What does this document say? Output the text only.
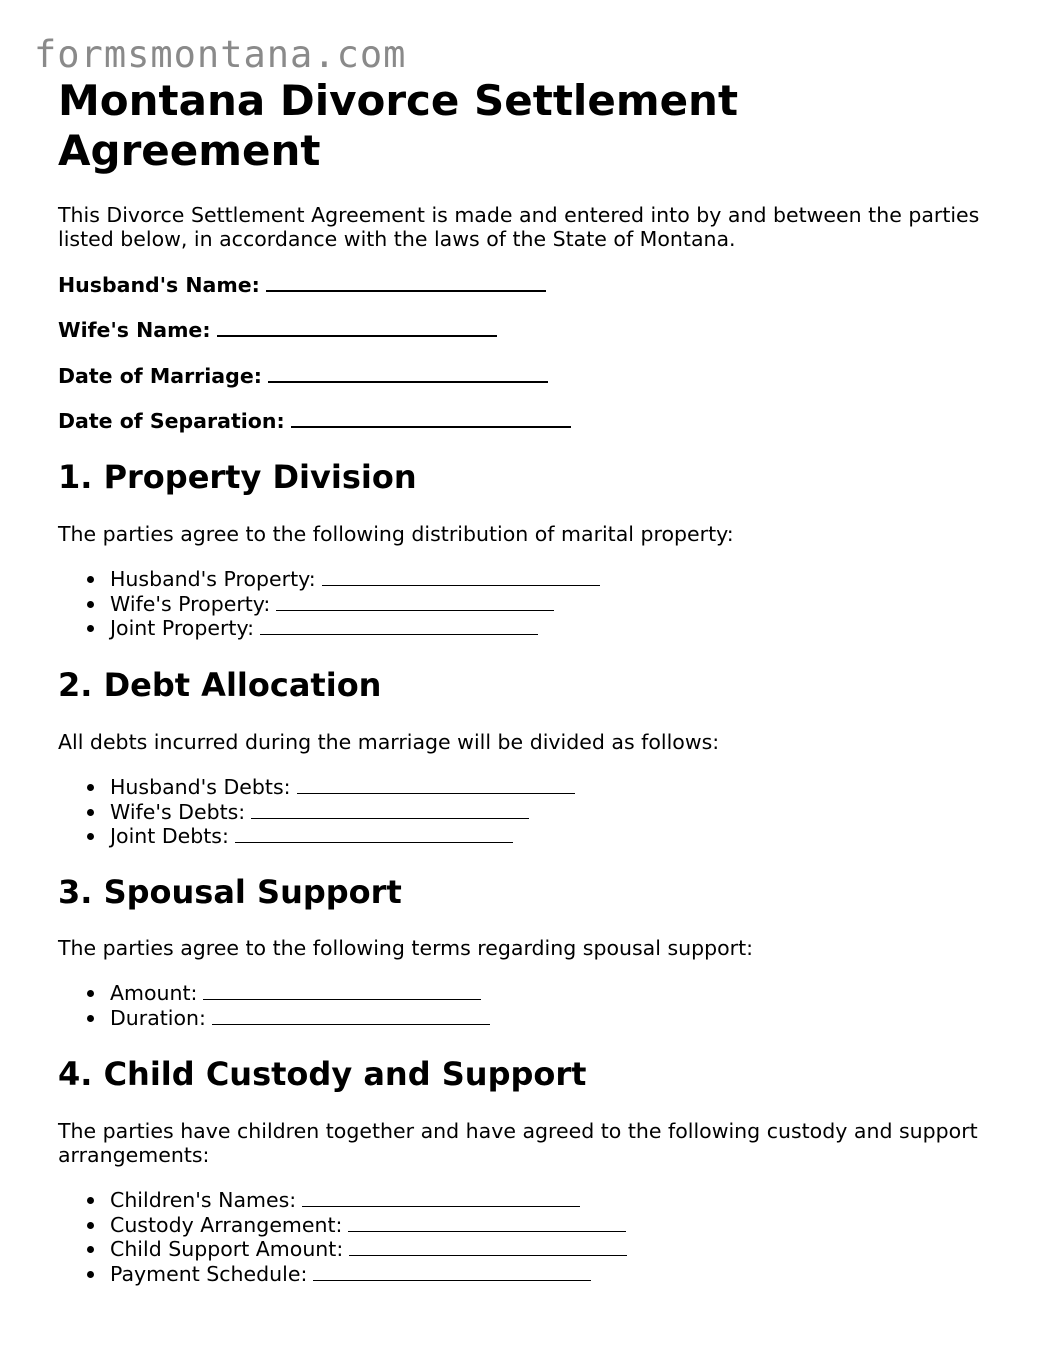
formsmontana.com
Montana Divorce Settlement Agreement

This Divorce Settlement Agreement is made and entered into by and between the parties listed below, in accordance with the laws of the State of Montana.

Husband's Name:

Wife's Name:

Date of Marriage:

Date of Separation:

1. Property Division

The parties agree to the following distribution of marital property:

Husband's Property:
Wife's Property:
Joint Property:
2. Debt Allocation

All debts incurred during the marriage will be divided as follows:

Husband's Debts:
Wife's Debts:
Joint Debts:
3. Spousal Support

The parties agree to the following terms regarding spousal support:

Amount:
Duration:
4. Child Custody and Support

The parties have children together and have agreed to the following custody and support arrangements:

Children's Names:
Custody Arrangement:
Child Support Amount:
Payment Schedule:
